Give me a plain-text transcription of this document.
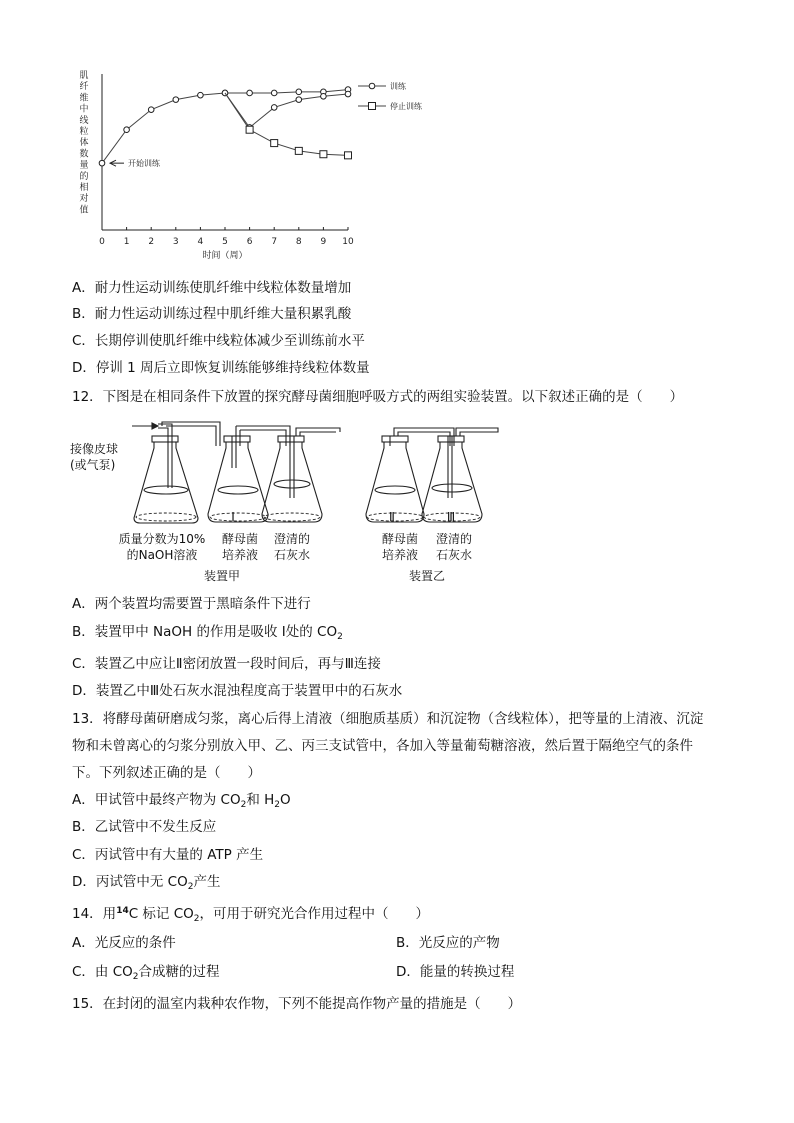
肌
纤
维
中
线
粒
体
数
量
的
相
对
值
0 1 2 3 4 5 6 7 8 9 10
时间（周）
训练
停止训练
开始训练
A．耐力性运动训练使肌纤维中线粒体数量增加
B．耐力性运动训练过程中肌纤维大量积累乳酸
C．长期停训使肌纤维中线粒体减少至训练前水平
D．停训 1 周后立即恢复训练能够维持线粒体数量
12．下图是在相同条件下放置的探究酵母菌细胞呼吸方式的两组实验装置。以下叙述正确的是（　　）
接像皮球
(或气泵)
Ⅰ	Ⅱ	Ⅲ
质量分数为10%
的NaOH溶液
酵母菌
培养液
澄清的
石灰水
酵母菌
培养液
澄清的
石灰水
装置甲	装置乙
A．两个装置均需要置于黑暗条件下进行
B．装置甲中 NaOH 的作用是吸收 Ⅰ处的 $CO_2$
C．装置乙中应让Ⅱ密闭放置一段时间后，再与Ⅲ连接
D．装置乙中Ⅲ处石灰水混浊程度高于装置甲中的石灰水
13．将酵母菌研磨成匀浆，离心后得上清液（细胞质基质）和沉淀物（含线粒体），把等量的上清液、沉淀
物和未曾离心的匀浆分别放入甲、乙、丙三支试管中，各加入等量葡萄糖溶液，然后置于隔绝空气的条件
下。下列叙述正确的是（　　）
A．甲试管中最终产物为 $CO_2$和 $H_2O$
B．乙试管中不发生反应
C．丙试管中有大量的 ATP 产生
D．丙试管中无 $CO_2$产生
14．用$^{14}$C 标记 $CO_2$，可用于研究光合作用过程中（　　）
A．光反应的条件	B．光反应的产物
C．由 $CO_2$合成糖的过程	D．能量的转换过程
15．在封闭的温室内栽种农作物，下列不能提高作物产量的措施是（　　）
